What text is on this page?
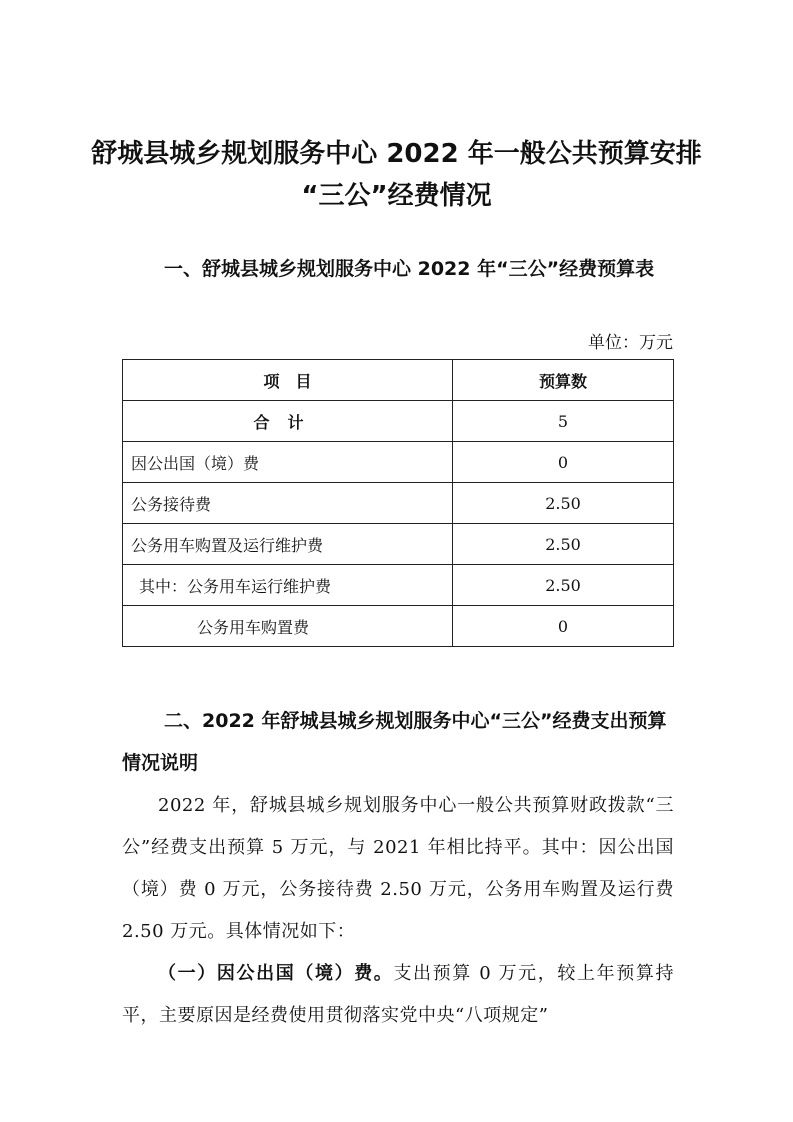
舒城县城乡规划服务中心 2022 年一般公共预算安排
“三公”经费情况

一、舒城县城乡规划服务中心 2022 年“三公”经费预算表

单位：万元

项　目	预算数
合计	5
因公出国（境）费	0
公务接待费	2.50
公务用车购置及运行维护费	2.50
其中：公务用车运行维护费	2.50
公务用车购置费	0

二、2022 年舒城县城乡规划服务中心“三公”经费支出预算情况说明

2022 年，舒城县城乡规划服务中心一般公共预算财政拨款“三公”经费支出预算 5 万元，与 2021 年相比持平。其中：因公出国（境）费 0 万元，公务接待费 2.50 万元，公务用车购置及运行费 2.50 万元。具体情况如下：

（一）因公出国（境）费。支出预算 0 万元，较上年预算持平，主要原因是经费使用贯彻落实党中央“八项规定”
